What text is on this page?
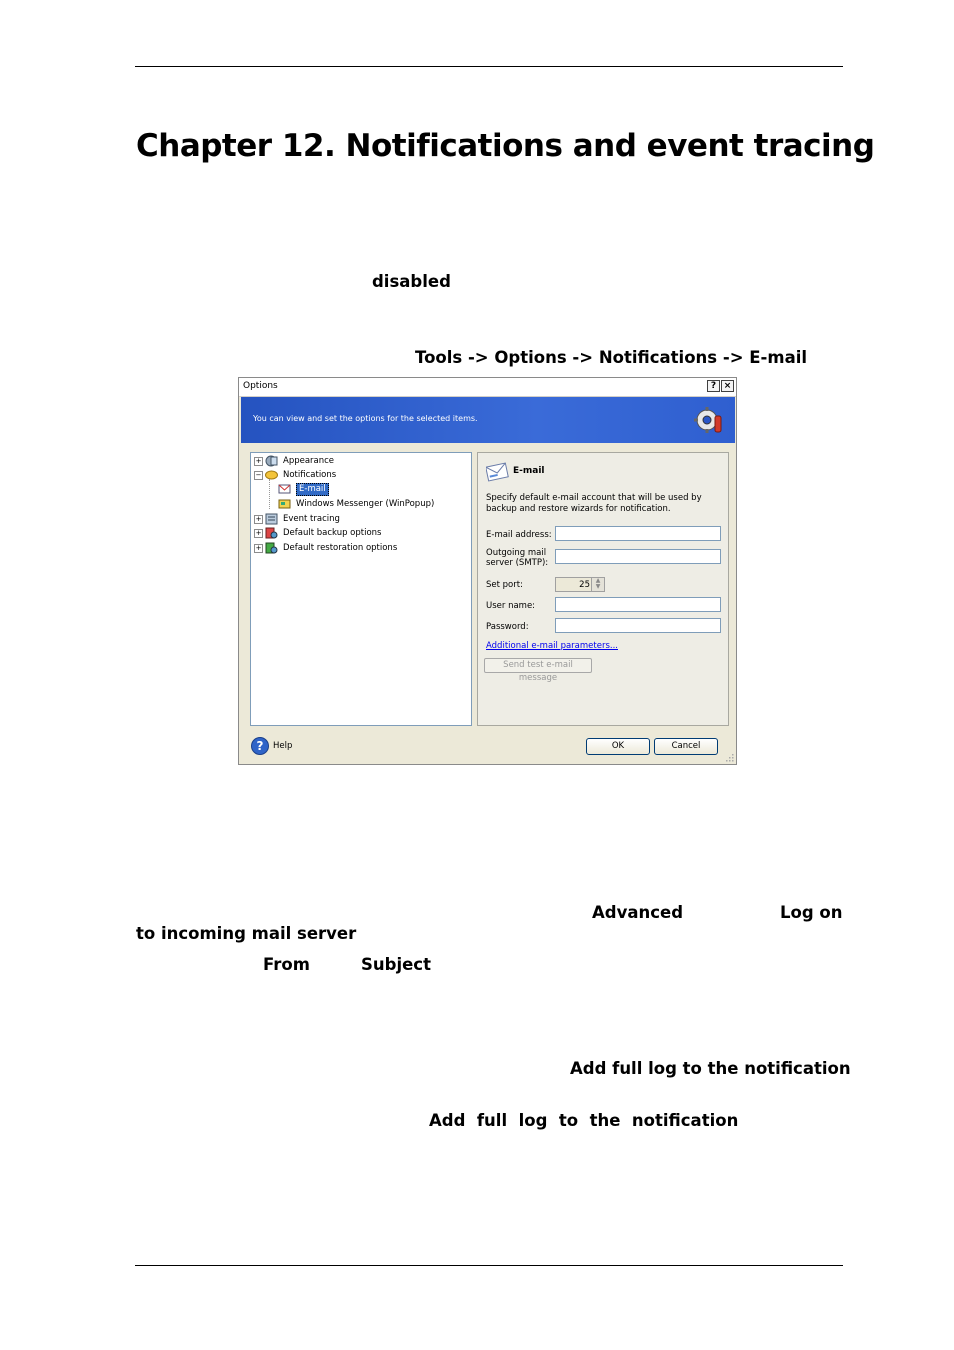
Chapter 12. Notifications and event tracing
disabled
Tools -> Options -> Notifications -> E-mail
Options	? ×
You can view and set the options for the selected items.
+	Appearance
−	Notifications
E-mail
Windows Messenger (WinPopup)
+	Event tracing
+	Default backup options
+	Default restoration options
E-mail
Specify default e-mail account that will be used by backup and restore wizards for notification.
E-mail address:
Outgoing mail
server (SMTP):
Set port:	25 ▲
▼
User name:
Password:
Additional e-mail parameters...
Send test e-mail message
?	Help	OK	Cancel
Advanced	Log on
to incoming mail server
From	Subject
Add full log to the notification
Add  full  log  to  the  notification
